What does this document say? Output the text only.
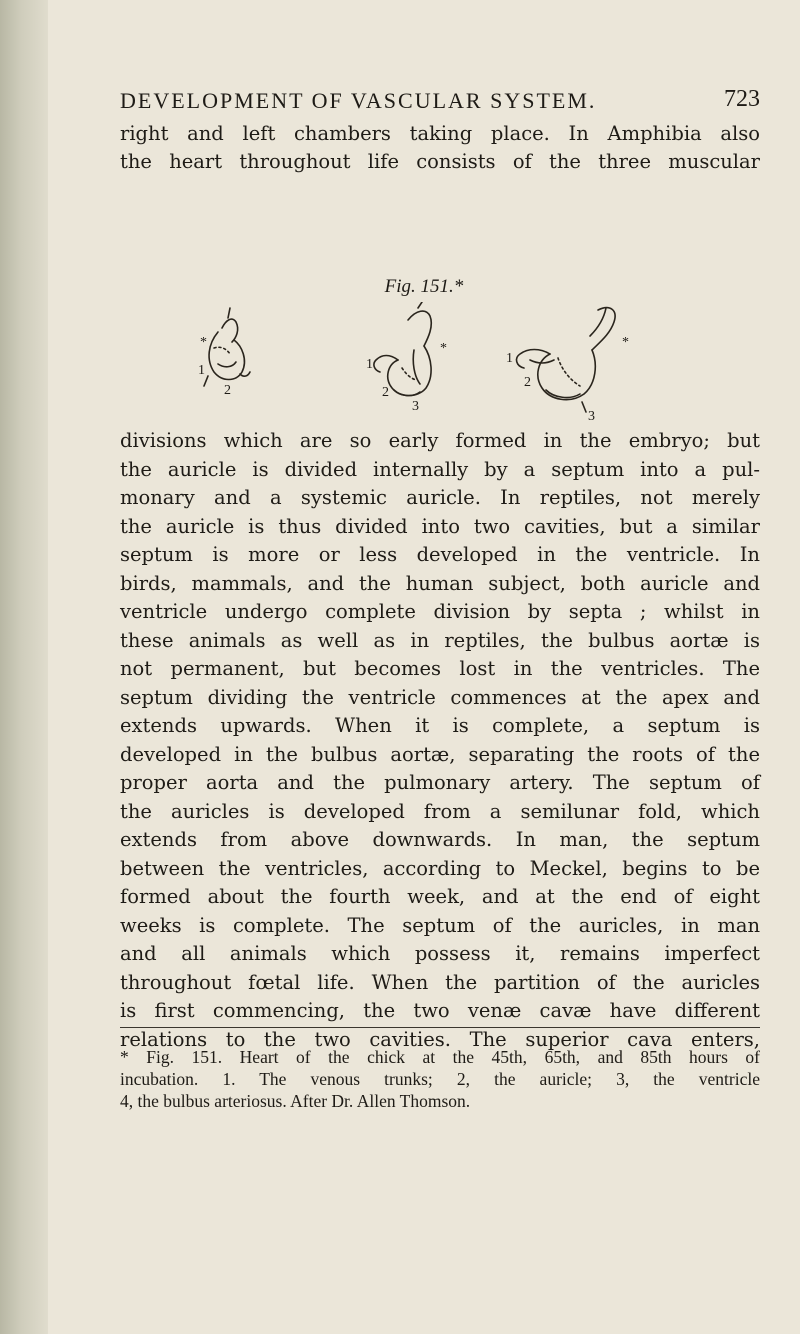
DEVELOPMENT OF VASCULAR SYSTEM.	723
right and left chambers taking place. In Amphibia also
the heart throughout life consists of the three muscular
Fig. 151.*
*
1
2
*
1
2
3
1
*
2
3
divisions which are so early formed in the embryo; but
the auricle is divided internally by a septum into a pul-
monary and a systemic auricle. In reptiles, not merely
the auricle is thus divided into two cavities, but a similar
septum is more or less developed in the ventricle. In
birds, mammals, and the human subject, both auricle and
ventricle undergo complete division by septa ; whilst in
these animals as well as in reptiles, the bulbus aortæ is
not permanent, but becomes lost in the ventricles. The
septum dividing the ventricle commences at the apex and
extends upwards. When it is complete, a septum is
developed in the bulbus aortæ, separating the roots of the
proper aorta and the pulmonary artery. The septum of
the auricles is developed from a semilunar fold, which
extends from above downwards. In man, the septum
between the ventricles, according to Meckel, begins to be
formed about the fourth week, and at the end of eight
weeks is complete. The septum of the auricles, in man
and all animals which possess it, remains imperfect
throughout fœtal life. When the partition of the auricles
is first commencing, the two venæ cavæ have different
relations to the two cavities. The superior cava enters,
* Fig. 151. Heart of the chick at the 45th, 65th, and 85th hours of
incubation. 1. The venous trunks; 2, the auricle; 3, the ventricle
4, the bulbus arteriosus. After Dr. Allen Thomson.
